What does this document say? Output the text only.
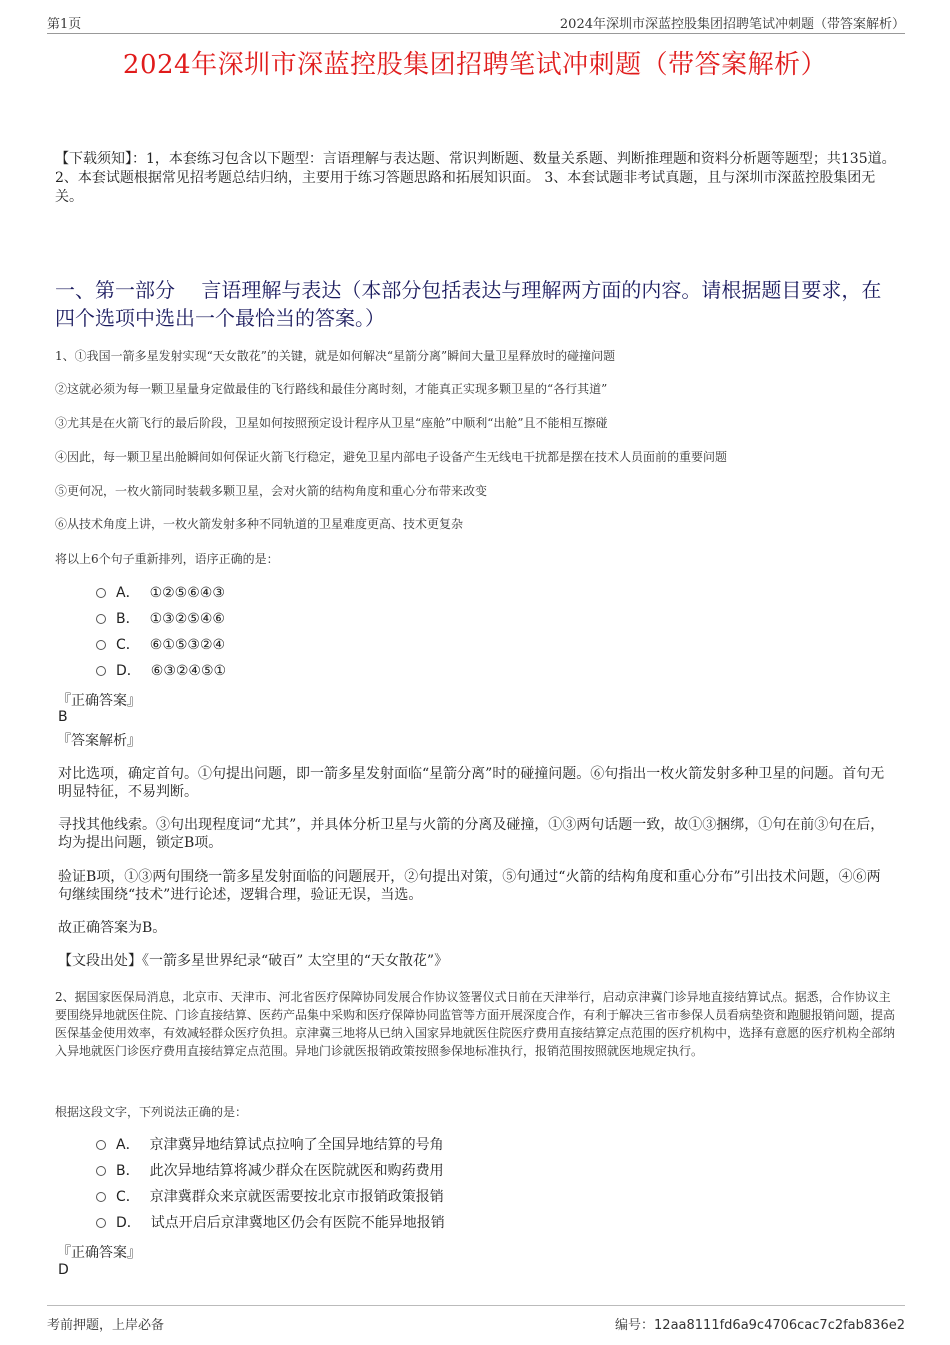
第1页	2024年深圳市深蓝控股集团招聘笔试冲刺题（带答案解析）
2024年深圳市深蓝控股集团招聘笔试冲刺题（带答案解析）
【下载须知】：1，本套练习包含以下题型：言语理解与表达题、常识判断题、数量关系题、判断推理题和资料分析题等题型；共135道。 2、本套试题根据常见招考题总结归纳，主要用于练习答题思路和拓展知识面。 3、本套试题非考试真题，且与深圳市深蓝控股集团无关。
一、第一部分　 言语理解与表达（本部分包括表达与理解两方面的内容。请根据题目要求，在四个选项中选出一个最恰当的答案。）
1、①我国一箭多星发射实现“天女散花”的关键，就是如何解决“星箭分离”瞬间大量卫星释放时的碰撞问题
②这就必须为每一颗卫星量身定做最佳的飞行路线和最佳分离时刻，才能真正实现多颗卫星的“各行其道”
③尤其是在火箭飞行的最后阶段，卫星如何按照预定设计程序从卫星“座舱”中顺利“出舱”且不能相互擦碰
④因此，每一颗卫星出舱瞬间如何保证火箭飞行稳定，避免卫星内部电子设备产生无线电干扰都是摆在技术人员面前的重要问题
⑤更何况，一枚火箭同时装载多颗卫星，会对火箭的结构角度和重心分布带来改变
⑥从技术角度上讲，一枚火箭发射多种不同轨道的卫星难度更高、技术更复杂
将以上6个句子重新排列，语序正确的是：
A． ①②⑤⑥④③
B． ①③②⑤④⑥
C． ⑥①⑤③②④
D． ⑥③②④⑤①
『正确答案』
B
『答案解析』
对比选项，确定首句。①句提出问题，即一箭多星发射面临“星箭分离”时的碰撞问题。⑥句指出一枚火箭发射多种卫星的问题。首句无明显特征，不易判断。
寻找其他线索。③句出现程度词“尤其”，并具体分析卫星与火箭的分离及碰撞，①③两句话题一致，故①③捆绑，①句在前③句在后，均为提出问题，锁定B项。
验证B项，①③两句围绕一箭多星发射面临的问题展开，②句提出对策，⑤句通过“火箭的结构角度和重心分布”引出技术问题，④⑥两句继续围绕“技术”进行论述，逻辑合理，验证无误，当选。
故正确答案为B。
【文段出处】《一箭多星世界纪录“破百” 太空里的“天女散花”》
2、据国家医保局消息，北京市、天津市、河北省医疗保障协同发展合作协议签署仪式日前在天津举行，启动京津冀门诊异地直接结算试点。据悉，合作协议主要围绕异地就医住院、门诊直接结算、医药产品集中采购和医疗保障协同监管等方面开展深度合作，有利于解决三省市参保人员看病垫资和跑腿报销问题，提高医保基金使用效率，有效减轻群众医疗负担。京津冀三地将从已纳入国家异地就医住院医疗费用直接结算定点范围的医疗机构中，选择有意愿的医疗机构全部纳入异地就医门诊医疗费用直接结算定点范围。异地门诊就医报销政策按照参保地标准执行，报销范围按照就医地规定执行。
根据这段文字，下列说法正确的是：
A． 京津冀异地结算试点拉响了全国异地结算的号角
B． 此次异地结算将减少群众在医院就医和购药费用
C． 京津冀群众来京就医需要按北京市报销政策报销
D． 试点开启后京津冀地区仍会有医院不能异地报销
『正确答案』
D
考前押题，上岸必备	编号：12aa8111fd6a9c4706cac7c2fab836e2
